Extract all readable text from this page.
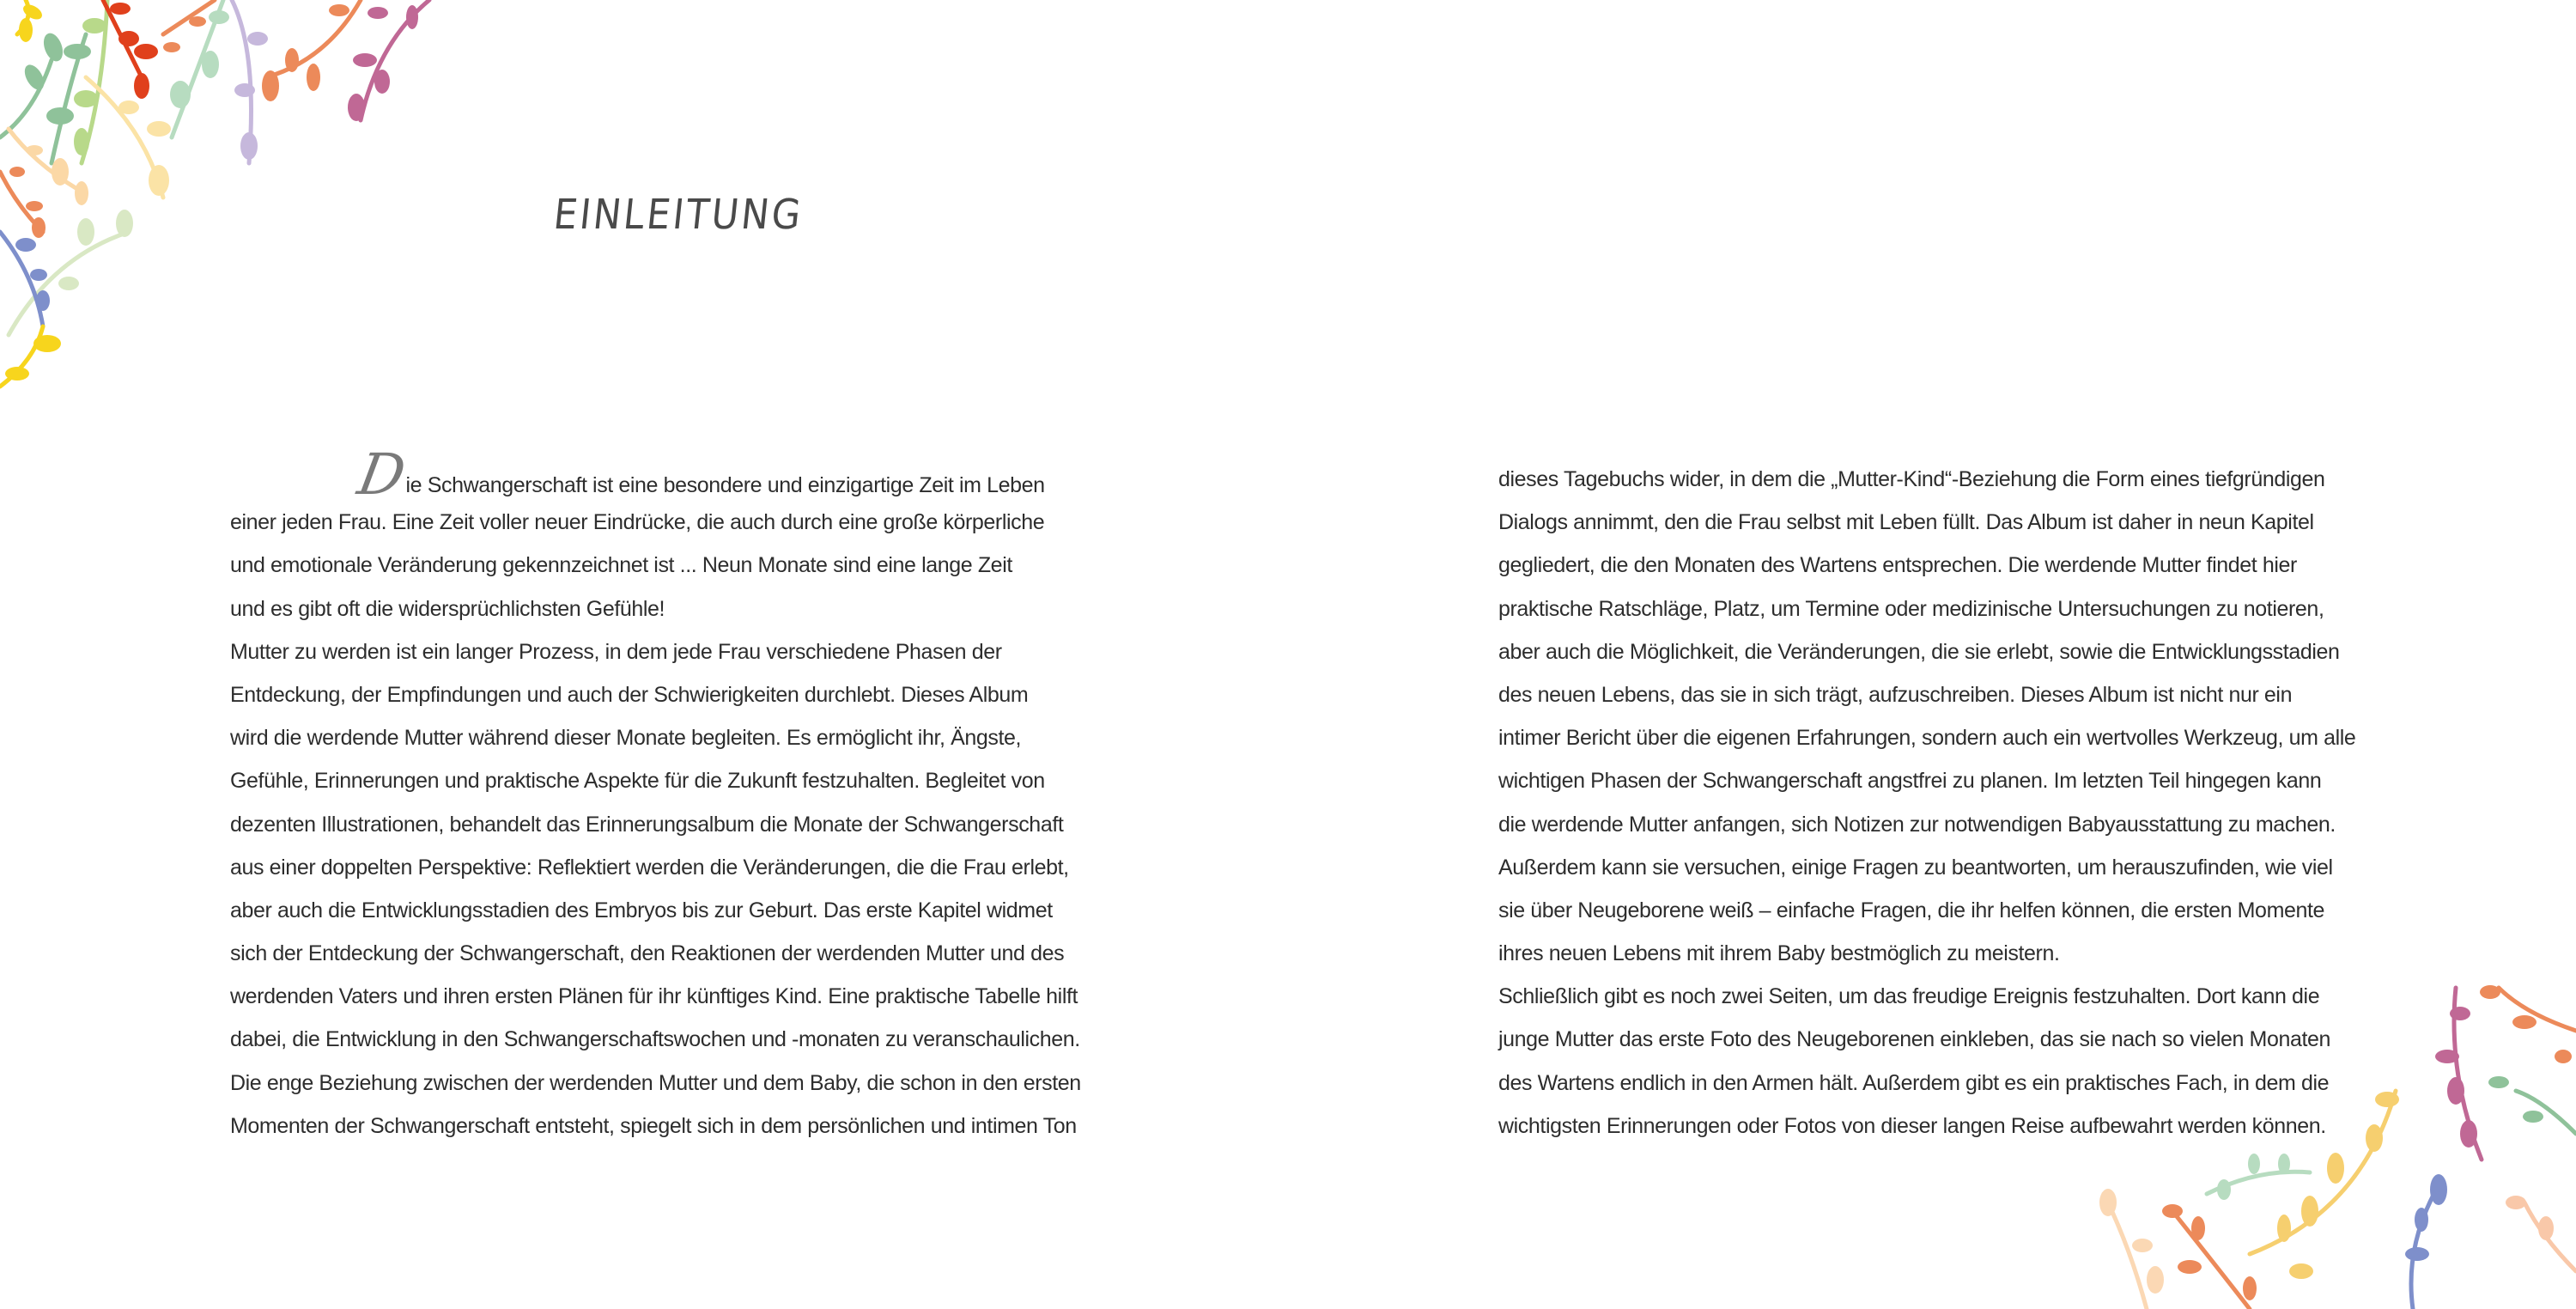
EINLEITUNG
Die Schwangerschaft ist eine besondere und einzigartige Zeit im Leben
einer jeden Frau. Eine Zeit voller neuer Eindrücke, die auch durch eine große körperliche
und emotionale Veränderung gekennzeichnet ist ... Neun Monate sind eine lange Zeit
und es gibt oft die widersprüchlichsten Gefühle!
Mutter zu werden ist ein langer Prozess, in dem jede Frau verschiedene Phasen der
Entdeckung, der Empfindungen und auch der Schwierigkeiten durchlebt. Dieses Album
wird die werdende Mutter während dieser Monate begleiten. Es ermöglicht ihr, Ängste,
Gefühle, Erinnerungen und praktische Aspekte für die Zukunft festzuhalten. Begleitet von
dezenten Illustrationen, behandelt das Erinnerungsalbum die Monate der Schwangerschaft
aus einer doppelten Perspektive: Reflektiert werden die Veränderungen, die die Frau erlebt,
aber auch die Entwicklungsstadien des Embryos bis zur Geburt. Das erste Kapitel widmet
sich der Entdeckung der Schwangerschaft, den Reaktionen der werdenden Mutter und des
werdenden Vaters und ihren ersten Plänen für ihr künftiges Kind. Eine praktische Tabelle hilft
dabei, die Entwicklung in den Schwangerschaftswochen und -monaten zu veranschaulichen.
Die enge Beziehung zwischen der werdenden Mutter und dem Baby, die schon in den ersten
Momenten der Schwangerschaft entsteht, spiegelt sich in dem persönlichen und intimen Ton
dieses Tagebuchs wider, in dem die „Mutter-Kind“-Beziehung die Form eines tiefgründigen
Dialogs annimmt, den die Frau selbst mit Leben füllt. Das Album ist daher in neun Kapitel
gegliedert, die den Monaten des Wartens entsprechen. Die werdende Mutter findet hier
praktische Ratschläge, Platz, um Termine oder medizinische Untersuchungen zu notieren,
aber auch die Möglichkeit, die Veränderungen, die sie erlebt, sowie die Entwicklungsstadien
des neuen Lebens, das sie in sich trägt, aufzuschreiben. Dieses Album ist nicht nur ein
intimer Bericht über die eigenen Erfahrungen, sondern auch ein wertvolles Werkzeug, um alle
wichtigen Phasen der Schwangerschaft angstfrei zu planen. Im letzten Teil hingegen kann
die werdende Mutter anfangen, sich Notizen zur notwendigen Babyausstattung zu machen.
Außerdem kann sie versuchen, einige Fragen zu beantworten, um herauszufinden, wie viel
sie über Neugeborene weiß – einfache Fragen, die ihr helfen können, die ersten Momente
ihres neuen Lebens mit ihrem Baby bestmöglich zu meistern.
Schließlich gibt es noch zwei Seiten, um das freudige Ereignis festzuhalten. Dort kann die
junge Mutter das erste Foto des Neugeborenen einkleben, das sie nach so vielen Monaten
des Wartens endlich in den Armen hält. Außerdem gibt es ein praktisches Fach, in dem die
wichtigsten Erinnerungen oder Fotos von dieser langen Reise aufbewahrt werden können.
